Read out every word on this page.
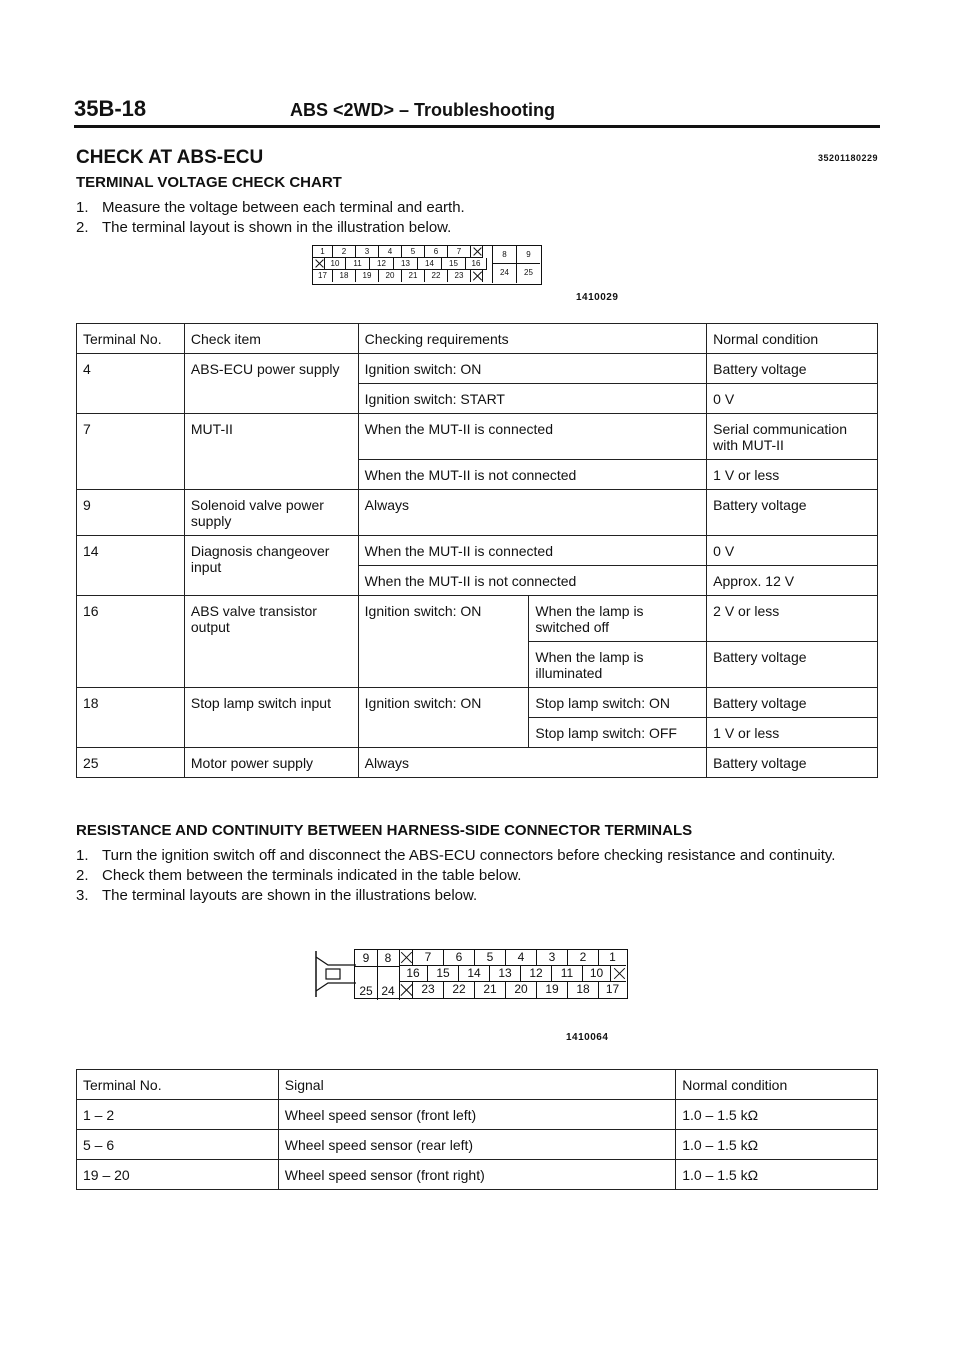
35B-18	ABS <2WD> – Troubleshooting
CHECK AT ABS-ECU	35201180229
TERMINAL VOLTAGE CHECK CHART
1. Measure the voltage between each terminal and earth.
2. The terminal layout is shown in the illustration below.
1	2	3	4	5	6	7
10	11	12	13	14	15	16
17	18	19	20	21	22	23
8
24
9
25
1410029
Terminal No.	Check item	Checking requirements		Normal condition
4	ABS-ECU power supply	Ignition switch: ON		Battery voltage
		Ignition switch: START		0 V
7	MUT-II	When the MUT-II is connected		Serial communication with MUT-II
		When the MUT-II is not connected		1 V or less
9	Solenoid valve power supply	Always		Battery voltage
14	Diagnosis changeover input	When the MUT-II is connected		0 V
		When the MUT-II is not connected		Approx. 12 V
16	ABS valve transistor output	Ignition switch: ON	When the lamp is switched off	2 V or less
			When the lamp is illuminated	Battery voltage
18	Stop lamp switch input	Ignition switch: ON	Stop lamp switch: ON	Battery voltage
			Stop lamp switch: OFF	1 V or less
25	Motor power supply	Always		Battery voltage
RESISTANCE AND CONTINUITY BETWEEN HARNESS-SIDE CONNECTOR TERMINALS
1. Turn the ignition switch off and disconnect the ABS-ECU connectors before checking resistance and continuity.
2. Check them between the terminals indicated in the table below.
3. The terminal layouts are shown in the illustrations below.
9
25
8
24
7	6	5	4	3	2	1
16	15	14	13	12	11	10
23	22	21	20	19	18	17
1410064
Terminal No.	Signal	Normal condition
1 – 2	Wheel speed sensor (front left)	1.0 – 1.5 kΩ
5 – 6	Wheel speed sensor (rear left)	1.0 – 1.5 kΩ
19 – 20	Wheel speed sensor (front right)	1.0 – 1.5 kΩ
